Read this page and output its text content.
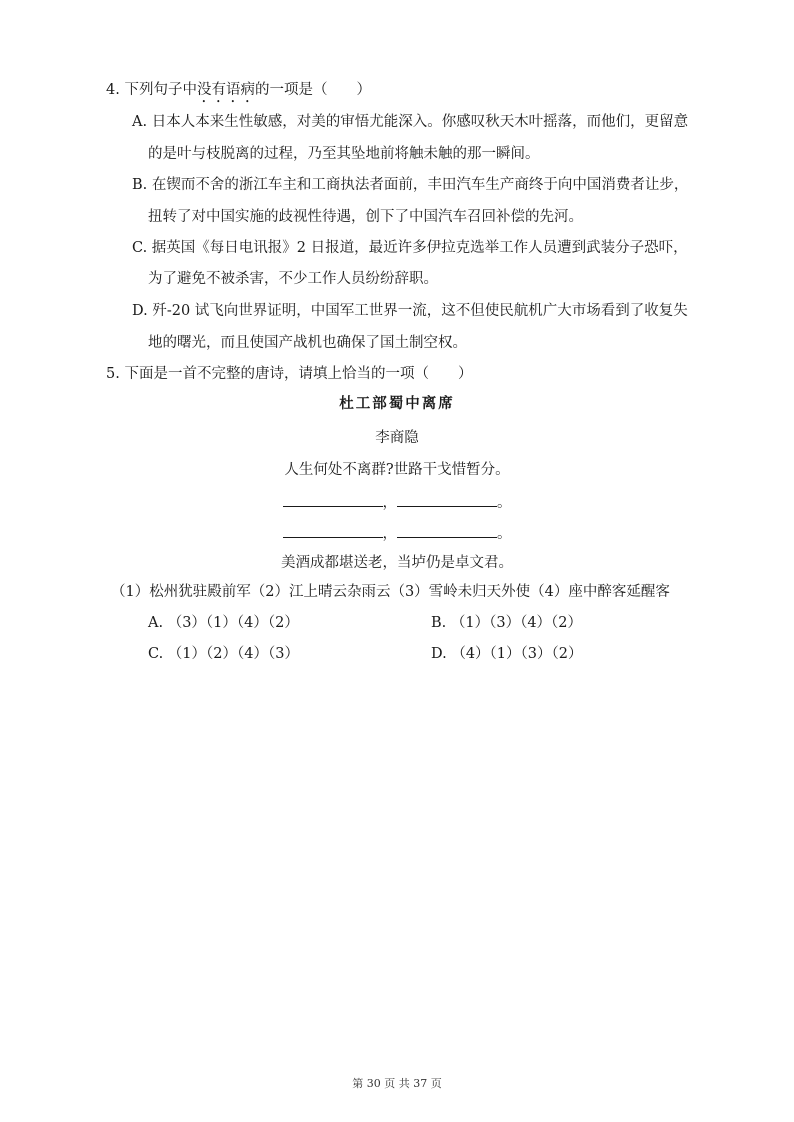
4. 下列句子中没有语病的一项是（　　）
A. 日本人本来生性敏感，对美的审悟尤能深入。你感叹秋天木叶摇落，而他们，更留意
的是叶与枝脱离的过程，乃至其坠地前将触未触的那一瞬间。
B. 在锲而不舍的浙江车主和工商执法者面前，丰田汽车生产商终于向中国消费者让步，
扭转了对中国实施的歧视性待遇，创下了中国汽车召回补偿的先河。
C. 据英国《每日电讯报》2 日报道，最近许多伊拉克选举工作人员遭到武装分子恐吓，
为了避免不被杀害，不少工作人员纷纷辞职。
D. 歼-20 试飞向世界证明，中国军工世界一流，这不但使民航机广大市场看到了收复失
地的曙光，而且使国产战机也确保了国土制空权。
5. 下面是一首不完整的唐诗，请填上恰当的一项（　　）
杜工部蜀中离席
李商隐
人生何处不离群?世路干戈惜暂分。
，	。
，	。
美酒成都堪送老，当垆仍是卓文君。
（1）松州犹驻殿前军（2）江上晴云杂雨云（3）雪岭未归天外使（4）座中醉客延醒客
A. （3）（1）（4）（2）	B. （1）（3）（4）（2）
C. （1）（2）（4）（3）	D. （4）（1）（3）（2）
第 30 页 共 37 页
